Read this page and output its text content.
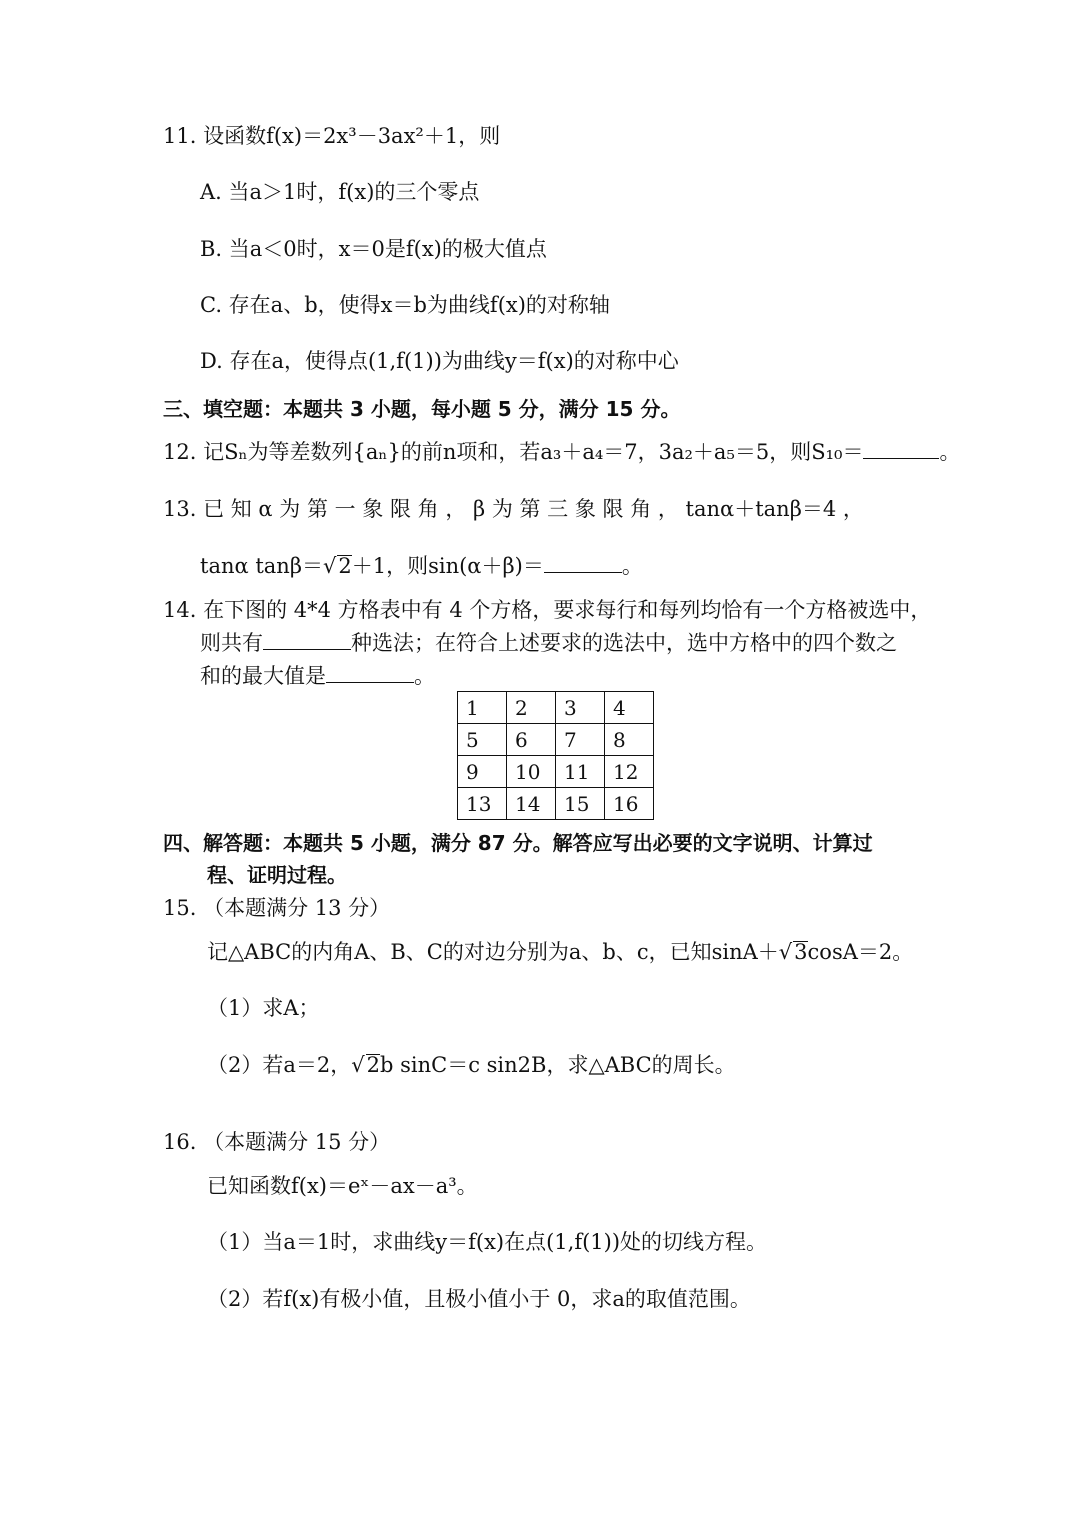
11. 设函数f(x)＝2x³－3ax²＋1，则
A. 当a＞1时，f(x)的三个零点
B. 当a＜0时，x＝0是f(x)的极大值点
C. 存在a、b，使得x＝b为曲线f(x)的对称轴
D. 存在a，使得点(1,f(1))为曲线y＝f(x)的对称中心
三、填空题：本题共 3 小题，每小题 5 分，满分 15 分。
12. 记Sₙ为等差数列{aₙ}的前n项和，若a₃＋a₄＝7，3a₂＋a₅＝5，则S₁₀＝	。
13. 已 知 α 为 第 一 象 限 角 ， β 为 第 三 象 限 角 ， tanα＋tanβ＝4 ，
tanα tanβ＝√2＋1，则sin(α＋β)＝	。
14. 在下图的 4*4 方格表中有 4 个方格，要求每行和每列均恰有一个方格被选中，
则共有	种选法；在符合上述要求的选法中，选中方格中的四个数之
和的最大值是	。
1	2	3	4
5	6	7	8
9	10	11	12
13	14	15	16
四、解答题：本题共 5 小题，满分 87 分。解答应写出必要的文字说明、计算过
程、证明过程。
15. （本题满分 13 分）
记△ABC的内角A、B、C的对边分别为a、b、c，已知sinA＋√3cosA＝2。
（1）求A；
（2）若a＝2，√2b sinC＝c sin2B，求△ABC的周长。
16. （本题满分 15 分）
已知函数f(x)＝eˣ－ax－a³。
（1）当a＝1时，求曲线y＝f(x)在点(1,f(1))处的切线方程。
（2）若f(x)有极小值，且极小值小于 0，求a的取值范围。
